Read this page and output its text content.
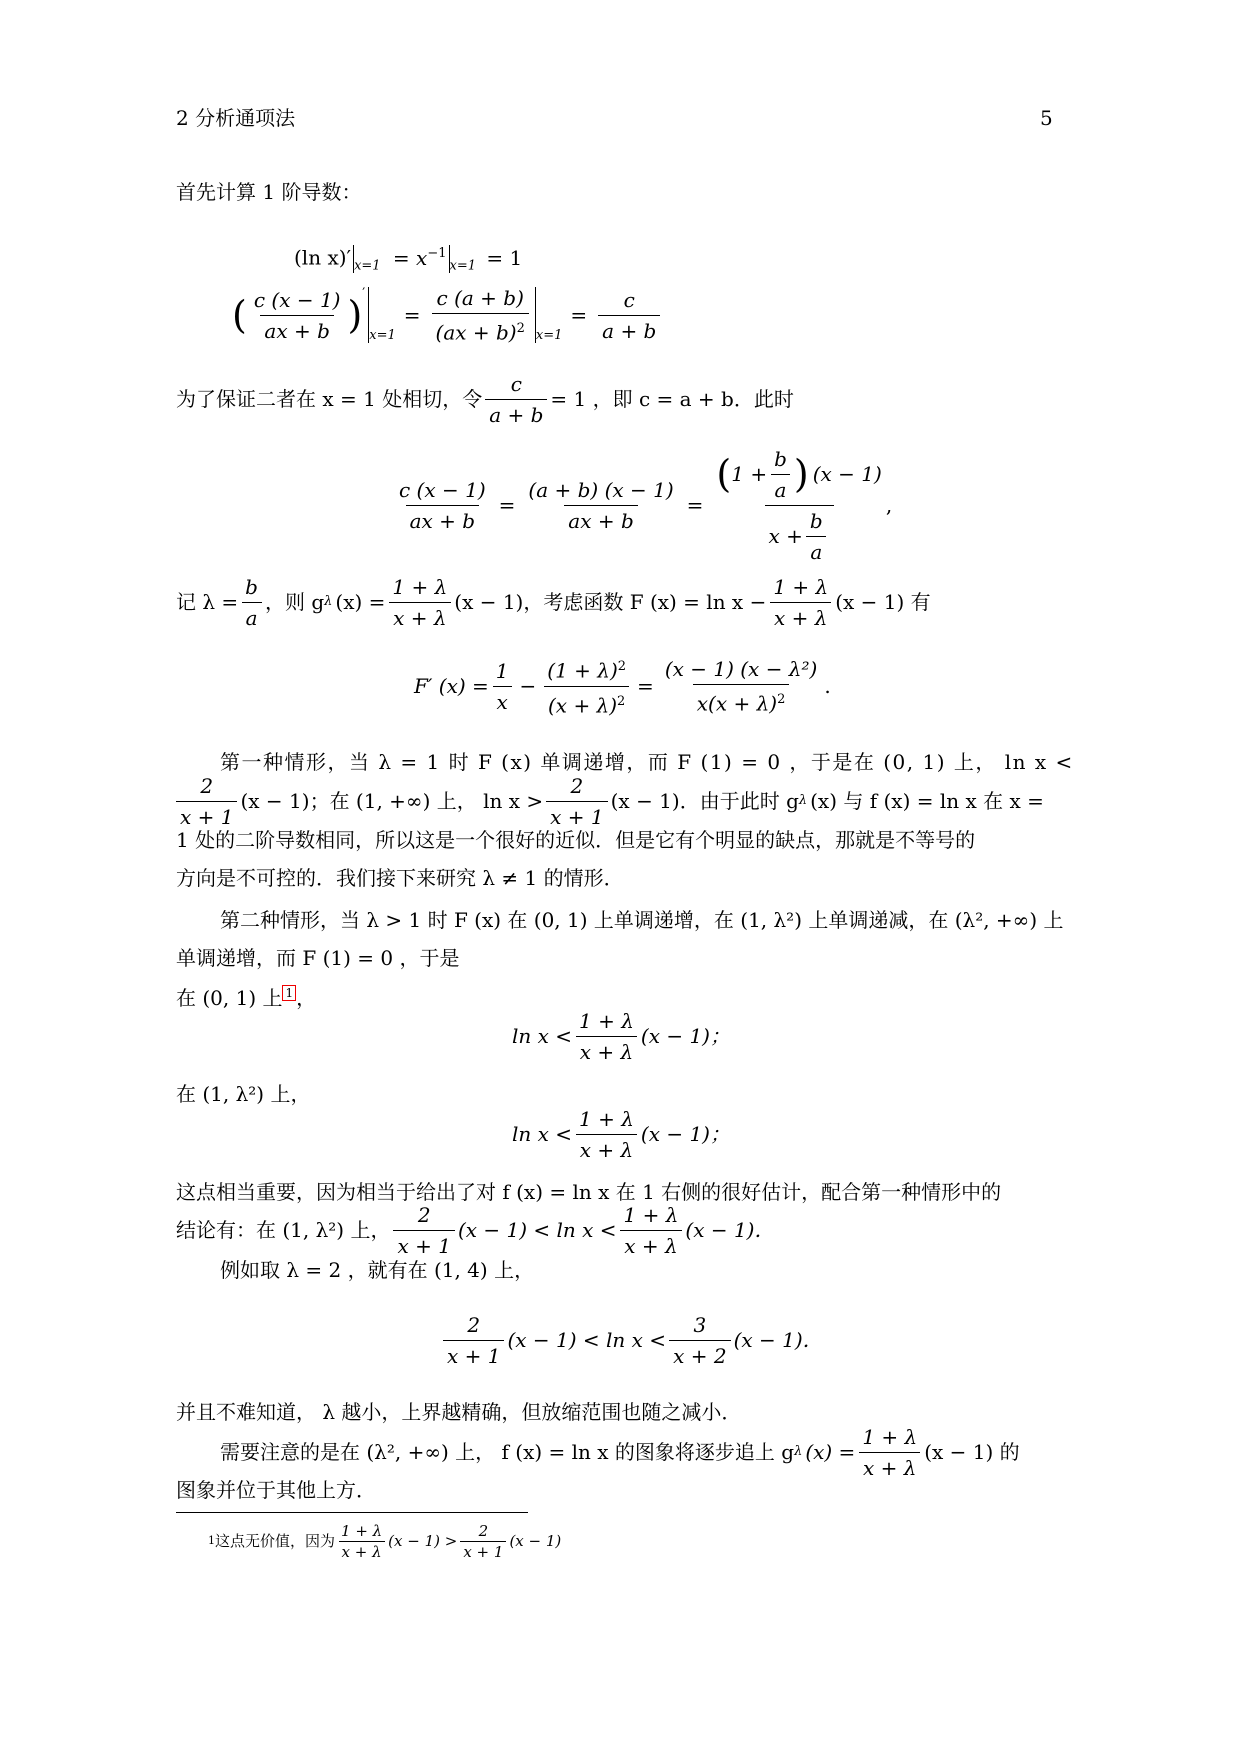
2 分析通项法	5
首先计算 1 阶导数：
(ln x)′ $_{x=1} = x^{-1}_{x=1} = 1$
( $\frac{c (x - 1)}{ax + b}$ ) ′
x=1
= $\frac{c (a + b)}{(ax + b)^2} x=1$
= $\frac{c}{a + b}$
为了保证二者在 x = 1 处相切，令 $\frac{c}{a + b} = 1$ ，即 c = a + b．此时
$\frac{c (x - 1)}{ax + b} = \frac{(a + b) (x - 1)}{ax + b} = \frac{( 1 + \frac{b}{a} ) (x - 1)}{x + \frac{b}{a}}$ ,
记 $\lambda = \frac{b}{a}$ ，则 g λ $(x) = \frac{1 + \lambda}{x + \lambda} (x - 1)$，考虑函数 F $(x) = \ln x - \frac{1 + \lambda}{x + \lambda} (x - 1)$ 有
F′ $(x) = \frac{1}{x} - \frac{(1 + \lambda)^2}{(x + \lambda)^2} = \frac{\text{(x − 1) (x − λ²)}}{x(x + \lambda)^2}$ .
第一种情形，当 λ = 1 时 F (x) 单调递增，而 F (1) = 0 ，于是在 (0, 1) 上， ln x <
$\frac{2}{x + 1} (x - 1)$；在 (1, +∞) 上， $\ln x > \frac{2}{x + 1} (x - 1)$．由于此时 g λ (x) 与 f (x) = ln x 在 x =
1 处的二阶导数相同，所以这是一个很好的近似．但是它有个明显的缺点，那就是不等号的
方向是不可控的．我们接下来研究 λ ≠ 1 的情形．
第二种情形，当 λ > 1 时 F (x) 在 (0, 1) 上单调递增，在 (1, λ²) 上单调递减，在 (λ², +∞) 上
单调递增，而 F (1) = 0 ，于是
在 (0, 1) 上 1 ，
$\ln x < \frac{1 + \lambda}{x + \lambda} (x - 1)$；
在 (1, λ²) 上，
$\ln x < \frac{1 + \lambda}{x + \lambda} (x - 1)$；
这点相当重要，因为相当于给出了对 f (x) = ln x 在 1 右侧的很好估计，配合第一种情形中的
结论有：在 (1, λ²) 上， $\frac{2}{x + 1} (x - 1) < \ln x < \frac{1 + \lambda}{x + \lambda} (x - 1)$．
例如取 λ = 2 ，就有在 (1, 4) 上，
$\frac{2}{x + 1} (x - 1) < \ln x < \frac{3}{x + 2} (x - 1)$．
并且不难知道， λ 越小，上界越精确，但放缩范围也随之减小．
需要注意的是在 (λ², +∞) 上， f (x) = ln x 的图象将逐步追上 g λ $(x) = \frac{1 + \lambda}{x + \lambda} (x - 1)$ 的
图象并位于其他上方．
1 这点无价值，因为 $\frac{1 + \lambda}{x + \lambda} (x - 1) > \frac{2}{x + 1} (x - 1)$
